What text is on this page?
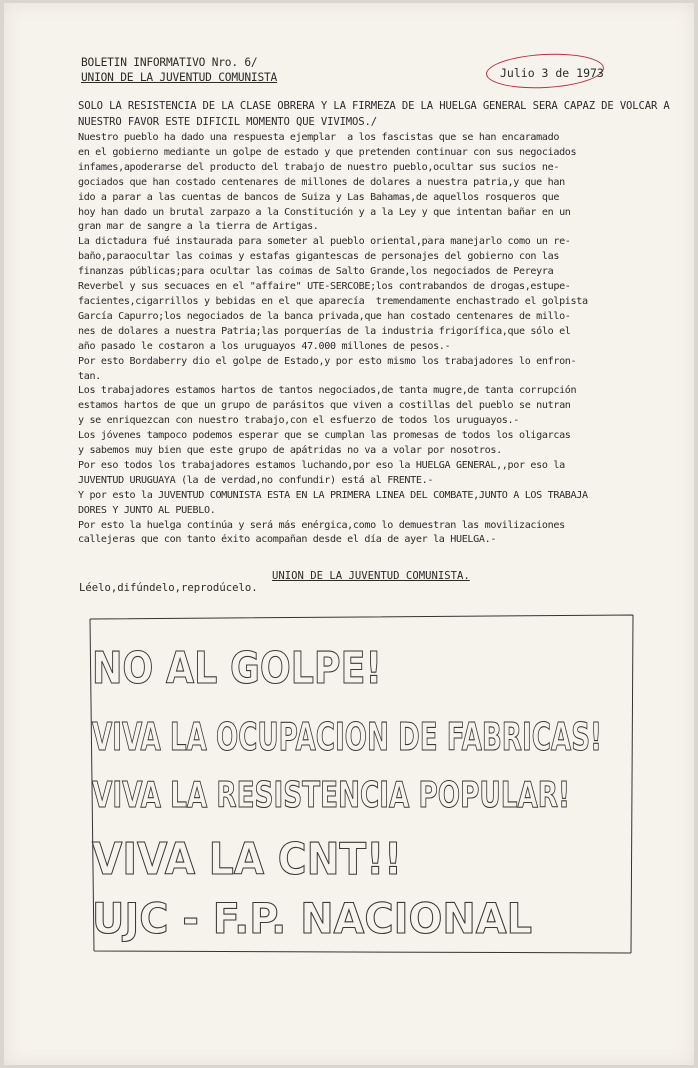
BOLETIN INFORMATIVO Nro. 6/
UNION DE LA JUVENTUD COMUNISTA	Julio 3 de 1973
SOLO LA RESISTENCIA DE LA CLASE OBRERA Y LA FIRMEZA DE LA HUELGA GENERAL SERA CAPAZ DE VOLCAR A NUESTRO FAVOR ESTE DIFICIL MOMENTO QUE VIVIMOS./
Nuestro pueblo ha dado una respuesta ejemplar  a los fascistas que se han encaramado
en el gobierno mediante un golpe de estado y que pretenden continuar con sus negociados
infames,apoderarse del producto del trabajo de nuestro pueblo,ocultar sus sucios ne-
gociados que han costado centenares de millones de dolares a nuestra patria,y que han
ido a parar a las cuentas de bancos de Suiza y Las Bahamas,de aquellos rosqueros que
hoy han dado un brutal zarpazo a la Constitución y a la Ley y que intentan bañar en un
gran mar de sangre a la tierra de Artigas.
La dictadura fué instaurada para someter al pueblo oriental,para manejarlo como un re-
baño,paraocultar las coimas y estafas gigantescas de personajes del gobierno con las
finanzas públicas;para ocultar las coimas de Salto Grande,los negociados de Pereyra
Reverbel y sus secuaces en el "affaire" UTE-SERCOBE;los contrabandos de drogas,estupe-
facientes,cigarrillos y bebidas en el que aparecía  tremendamente enchastrado el golpista
García Capurro;los negociados de la banca privada,que han costado centenares de millo-
nes de dolares a nuestra Patria;las porquerías de la industria frigorífica,que sólo el
año pasado le costaron a los uruguayos 47.000 millones de pesos.-
Por esto Bordaberry dio el golpe de Estado,y por esto mismo los trabajadores lo enfron-
tan.
Los trabajadores estamos hartos de tantos negociados,de tanta mugre,de tanta corrupción
estamos hartos de que un grupo de parásitos que viven a costillas del pueblo se nutran
y se enriquezcan con nuestro trabajo,con el esfuerzo de todos los uruguayos.-
Los jóvenes tampoco podemos esperar que se cumplan las promesas de todos los oligarcas
y sabemos muy bien que este grupo de apátridas no va a volar por nosotros.
Por eso todos los trabajadores estamos luchando,por eso la HUELGA GENERAL,,por eso la
JUVENTUD URUGUAYA (la de verdad,no confundir) está al FRENTE.-
Y por esto la JUVENTUD COMUNISTA ESTA EN LA PRIMERA LINEA DEL COMBATE,JUNTO A LOS TRABAJA
DORES Y JUNTO AL PUEBLO.
Por esto la huelga continúa y será más enérgica,como lo demuestran las movilizaciones
callejeras que con tanto éxito acompañan desde el día de ayer la HUELGA.-
UNION DE LA JUVENTUD COMUNISTA.
Léelo,difúndelo,reprodúcelo.
NO AL GOLPE!
VIVA LA OCUPACION DE FABRICAS!
VIVA LA RESISTENCIA POPULAR!
VIVA LA CNT!!
UJC - F.P. NACIONAL
